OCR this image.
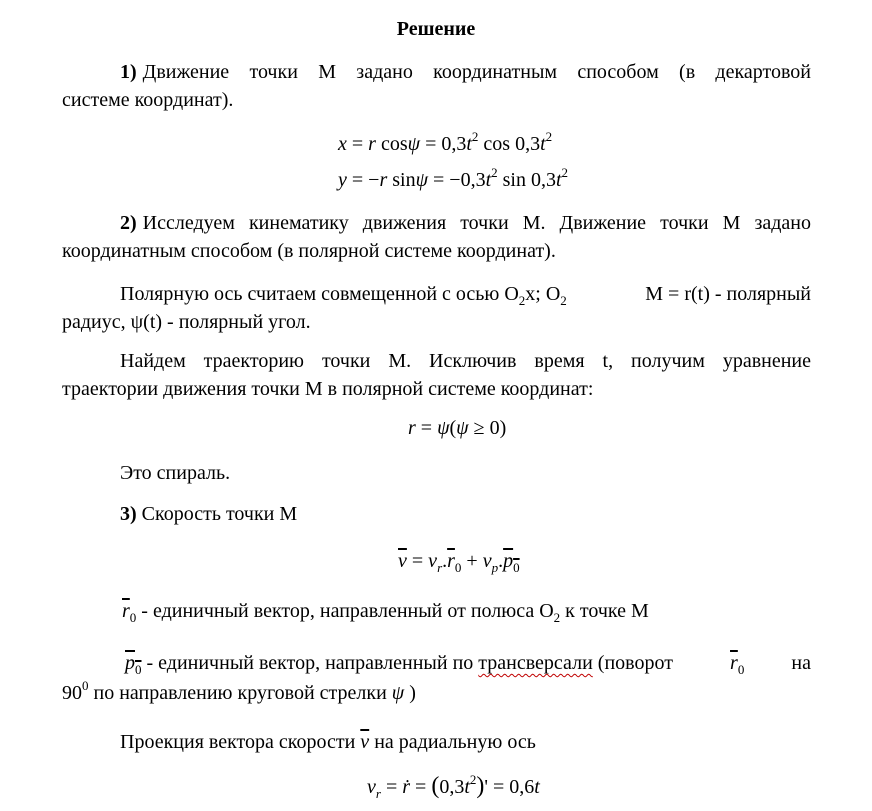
Решение
1) Движение точки М задано координатным способом (в декартовой
системе координат).
x = r $\cos\psi = 0,3t^2$ $\cos 0,3t^2$
y = −r $\sin\psi = -0,3t^2$ $\sin 0,3t^2$
2) Исследуем кинематику движения точки М. Движение точки М задано
координатным способом (в полярной системе координат).
Полярную ось считаем совмещенной с осью $O_2x$; $O_2$	M = r(t) - полярный
радиус, ψ(t) - полярный угол.
Найдем траекторию точки М. Исключив время t, получим уравнение
траектории движения точки М в полярной системе координат:
r = ψ(ψ ≥ 0)
Это спираль.
3) Скорость точки М
$\overline{v} = v_r.\overline{r}_0 + v_p.p_0$
$\overline{r}_0$ - единичный вектор, направленный от полюса $O_2$ к точке М
$p_0$ - единичный вектор, направленный по трансверсали (поворот	$\overline{r}_0$ на
$90^0$ по направлению круговой стрелки ψ )
Проекция вектора скорости $\overline{v}$ на радиальную ось
$v_r$ = ṙ = $(0,3t^2)' = 0,6t$
